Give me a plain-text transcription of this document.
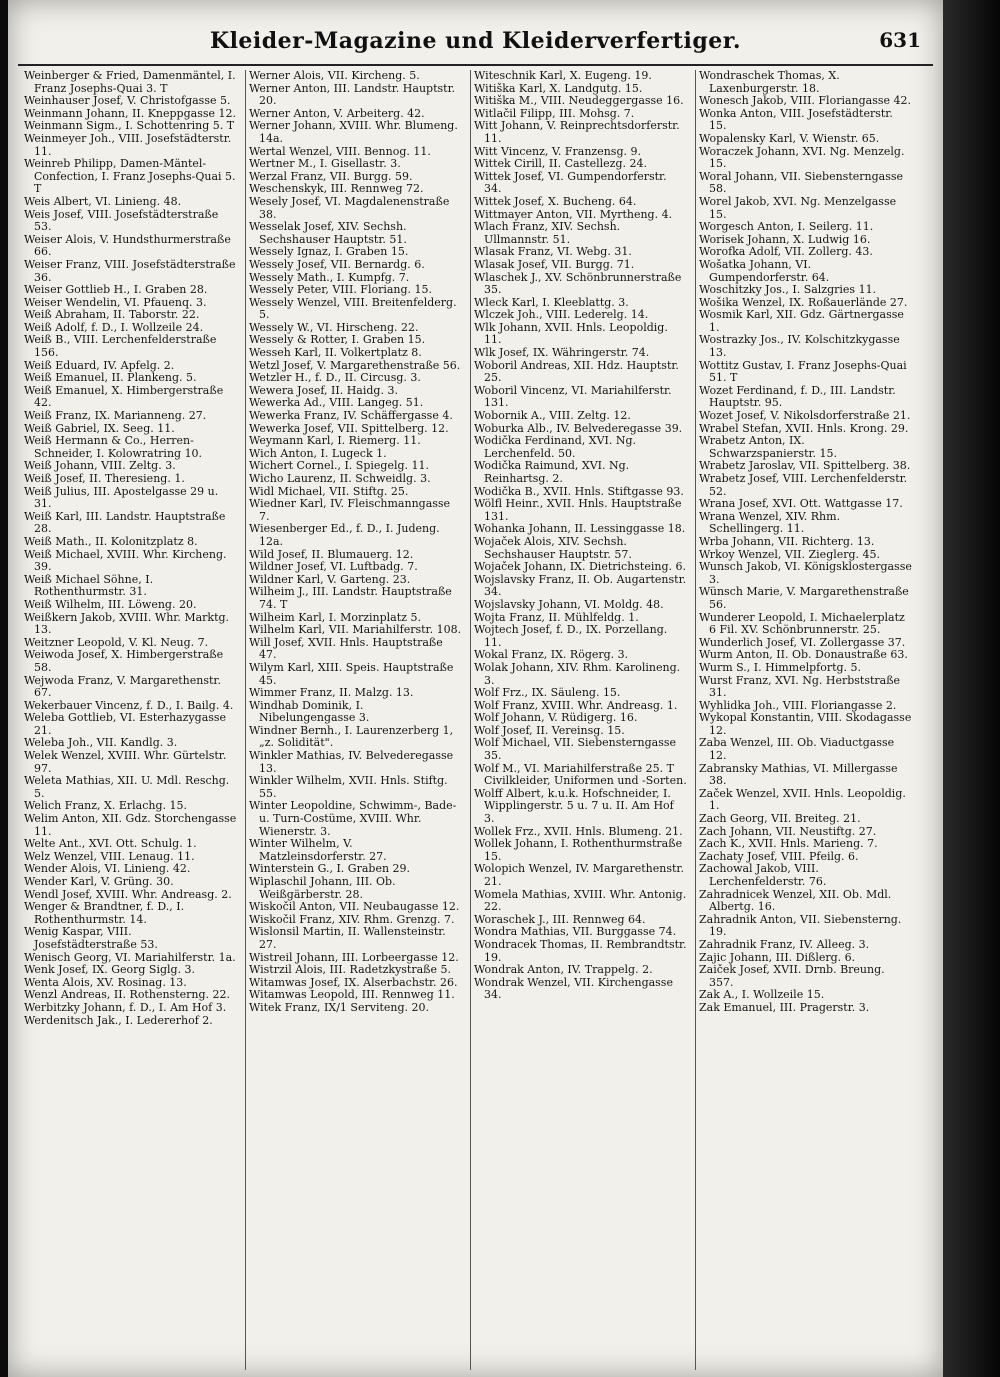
Kleider-Magazine und Kleiderverfertiger.	631

Weinberger & Fried, Damenmäntel, I. Franz Josephs-Quai 3. T

Weinhauser Josef, V. Christofgasse 5.

Weinmann Johann, II. Kneppgasse 12.

Weinmann Sigm., I. Schottenring 5. T

Weinmeyer Joh., VIII. Josefstädterstr. 11.

Weinreb Philipp, Damen-Mäntel-Confection, I. Franz Josephs-Quai 5. T

Weis Albert, VI. Linieng. 48.

Weis Josef, VIII. Josefstädterstraße 53.

Weiser Alois, V. Hundsthurmerstraße 66.

Weiser Franz, VIII. Josefstädterstraße 36.

Weiser Gottlieb H., I. Graben 28.

Weiser Wendelin, VI. Pfauenq. 3.

Weiß Abraham, II. Taborstr. 22.

Weiß Adolf, f. D., I. Wollzeile 24.

Weiß B., VIII. Lerchenfelderstraße 156.

Weiß Eduard, IV. Apfelg. 2.

Weiß Emanuel, II. Plankeng. 5.

Weiß Emanuel, X. Himbergerstraße 42.

Weiß Franz, IX. Marianneng. 27.

Weiß Gabriel, IX. Seeg. 11.

Weiß Hermann & Co., Herren-Schneider, I. Kolowratring 10.

Weiß Johann, VIII. Zeltg. 3.

Weiß Josef, II. Theresieng. 1.

Weiß Julius, III. Apostelgasse 29 u. 31.

Weiß Karl, III. Landstr. Hauptstraße 28.

Weiß Math., II. Kolonitzplatz 8.

Weiß Michael, XVIII. Whr. Kircheng. 39.

Weiß Michael Söhne, I. Rothenthurmstr. 31.

Weiß Wilhelm, III. Löweng. 20.

Weißkern Jakob, XVIII. Whr. Marktg. 13.

Weitzner Leopold, V. Kl. Neug. 7.

Weiwoda Josef, X. Himbergerstraße 58.

Wejwoda Franz, V. Margarethenstr. 67.

Wekerbauer Vincenz, f. D., I. Bailg. 4.

Weleba Gottlieb, VI. Esterhazygasse 21.

Weleba Joh., VII. Kandlg. 3.

Welek Wenzel, XVIII. Whr. Gürtelstr. 97.

Weleta Mathias, XII. U. Mdl. Reschg. 5.

Welich Franz, X. Erlachg. 15.

Welim Anton, XII. Gdz. Storchengasse 11.

Welte Ant., XVI. Ott. Schulg. 1.

Welz Wenzel, VIII. Lenaug. 11.

Wender Alois, VI. Linieng. 42.

Wender Karl, V. Grüng. 30.

Wendl Josef, XVIII. Whr. Andreasg. 2.

Wenger & Brandtner, f. D., I. Rothenthurmstr. 14.

Wenig Kaspar, VIII. Josefstädterstraße 53.

Wenisch Georg, VI. Mariahilferstr. 1a.

Wenk Josef, IX. Georg Siglg. 3.

Wenta Alois, XV. Rosinag. 13.

Wenzl Andreas, II. Rothensterng. 22.

Werbitzky Johann, f. D., I. Am Hof 3.

Werdenitsch Jak., I. Ledererhof 2.

Werner Alois, VII. Kircheng. 5.

Werner Anton, III. Landstr. Hauptstr. 20.

Werner Anton, V. Arbeiterg. 42.

Werner Johann, XVIII. Whr. Blumeng. 14a.

Wertal Wenzel, VIII. Bennog. 11.

Wertner M., I. Gisellastr. 3.

Werzal Franz, VII. Burgg. 59.

Weschenskyk, III. Rennweg 72.

Wesely Josef, VI. Magdalenenstraße 38.

Wesselak Josef, XIV. Sechsh. Sechshauser Hauptstr. 51.

Wessely Ignaz, I. Graben 15.

Wessely Josef, VII. Bernardg. 6.

Wessely Math., I. Kumpfg. 7.

Wessely Peter, VIII. Floriang. 15.

Wessely Wenzel, VIII. Breitenfelderg. 5.

Wessely W., VI. Hirscheng. 22.

Wessely & Rotter, I. Graben 15.

Wesseh Karl, II. Volkertplatz 8.

Wetzl Josef, V. Margarethenstraße 56.

Wetzler H., f. D., II. Circusg. 3.

Wewera Josef, II. Haidg. 3.

Wewerka Ad., VIII. Langeg. 51.

Wewerka Franz, IV. Schäffergasse 4.

Wewerka Josef, VII. Spittelberg. 12.

Weymann Karl, I. Riemerg. 11.

Wich Anton, I. Lugeck 1.

Wichert Cornel., I. Spiegelg. 11.

Wicho Laurenz, II. Schweidlg. 3.

Widl Michael, VII. Stiftg. 25.

Wiedner Karl, IV. Fleischmanngasse 7.

Wiesenberger Ed., f. D., I. Judeng. 12a.

Wild Josef, II. Blumauerg. 12.

Wildner Josef, VI. Luftbadg. 7.

Wildner Karl, V. Garteng. 23.

Wilheim J., III. Landstr. Hauptstraße 74. T

Wilheim Karl, I. Morzinplatz 5.

Wilhelm Karl, VII. Mariahilferstr. 108.

Will Josef, XVII. Hnls. Hauptstraße 47.

Wilym Karl, XIII. Speis. Hauptstraße 45.

Wimmer Franz, II. Malzg. 13.

Windhab Dominik, I. Nibelungengasse 3.

Windner Bernh., I. Laurenzerberg 1, „z. Solidität".

Winkler Mathias, IV. Belvederegasse 13.

Winkler Wilhelm, XVII. Hnls. Stiftg. 55.

Winter Leopoldine, Schwimm-, Bade- u. Turn-Costüme, XVIII. Whr. Wienerstr. 3.

Winter Wilhelm, V. Matzleinsdorferstr. 27.

Winterstein G., I. Graben 29.

Wiplaschil Johann, III. Ob. Weißgärberstr. 28.

Wiskočil Anton, VII. Neubaugasse 12.

Wiskočil Franz, XIV. Rhm. Grenzg. 7.

Wislonsil Martin, II. Wallensteinstr. 27.

Wistreil Johann, III. Lorbeergasse 12.

Wistrzil Alois, III. Radetzkystraße 5.

Witamwas Josef, IX. Alserbachstr. 26.

Witamwas Leopold, III. Rennweg 11.

Witek Franz, IX/1 Serviteng. 20.

Witeschnik Karl, X. Eugeng. 19.

Witiška Karl, X. Landgutg. 15.

Witiška M., VIII. Neudeggergasse 16.

Witlačil Filipp, III. Mohsg. 7.

Witt Johann, V. Reinprechtsdorferstr. 11.

Witt Vincenz, V. Franzensg. 9.

Wittek Cirill, II. Castellezg. 24.

Wittek Josef, VI. Gumpendorferstr. 34.

Wittek Josef, X. Bucheng. 64.

Wittmayer Anton, VII. Myrtheng. 4.

Wlach Franz, XIV. Sechsh. Ullmannstr. 51.

Wlasak Franz, VI. Webg. 31.

Wlasak Josef, VII. Burgg. 71.

Wlaschek J., XV. Schönbrunnerstraße 35.

Wleck Karl, I. Kleeblattg. 3.

Wlczek Joh., VIII. Lederelg. 14.

Wlk Johann, XVII. Hnls. Leopoldig. 11.

Wlk Josef, IX. Währingerstr. 74.

Woboril Andreas, XII. Hdz. Hauptstr. 25.

Woboril Vincenz, VI. Mariahilferstr. 131.

Wobornik A., VIII. Zeltg. 12.

Woburka Alb., IV. Belvederegasse 39.

Wodička Ferdinand, XVI. Ng. Lerchenfeld. 50.

Wodička Raimund, XVI. Ng. Reinhartsg. 2.

Wodička B., XVII. Hnls. Stiftgasse 93.

Wölfl Heinr., XVII. Hnls. Hauptstraße 131.

Wohanka Johann, II. Lessinggasse 18.

Wojaček Alois, XIV. Sechsh. Sechshauser Hauptstr. 57.

Wojaček Johann, IX. Dietrichsteing. 6.

Wojslavsky Franz, II. Ob. Augartenstr. 34.

Wojslavsky Johann, VI. Moldg. 48.

Wojta Franz, II. Mühlfeldg. 1.

Wojtech Josef, f. D., IX. Porzellang. 11.

Wokal Franz, IX. Rögerg. 3.

Wolak Johann, XIV. Rhm. Karolineng. 3.

Wolf Frz., IX. Säuleng. 15.

Wolf Franz, XVIII. Whr. Andreasg. 1.

Wolf Johann, V. Rüdigerg. 16.

Wolf Josef, II. Vereinsg. 15.

Wolf Michael, VII. Siebensterngasse 35.

Wolf M., VI. Mariahilferstraße 25. T Civilkleider, Uniformen und -Sorten.

Wolff Albert, k.u.k. Hofschneider, I. Wipplingerstr. 5 u. 7 u. II. Am Hof 3.

Wollek Frz., XVII. Hnls. Blumeng. 21.

Wollek Johann, I. Rothenthurmstraße 15.

Wolopich Wenzel, IV. Margarethenstr. 21.

Womela Mathias, XVIII. Whr. Antonig. 22.

Woraschek J., III. Rennweg 64.

Wondra Mathias, VII. Burggasse 74.

Wondracek Thomas, II. Rembrandtstr. 19.

Wondrak Anton, IV. Trappelg. 2.

Wondrak Wenzel, VII. Kirchengasse 34.

Wondraschek Thomas, X. Laxenburgerstr. 18.

Wonesch Jakob, VIII. Floriangasse 42.

Wonka Anton, VIII. Josefstädterstr. 15.

Wopalensky Karl, V. Wienstr. 65.

Woraczek Johann, XVI. Ng. Menzelg. 15.

Woral Johann, VII. Siebensterngasse 58.

Worel Jakob, XVI. Ng. Menzelgasse 15.

Worgesch Anton, I. Seilerg. 11.

Worisek Johann, X. Ludwig 16.

Worofka Adolf, VII. Zollerg. 43.

Wošatka Johann, VI. Gumpendorferstr. 64.

Woschitzky Jos., I. Salzgries 11.

Wošika Wenzel, IX. Roßauerlände 27.

Wosmik Karl, XII. Gdz. Gärtnergasse 1.

Wostrazky Jos., IV. Kolschitzkygasse 13.

Wottitz Gustav, I. Franz Josephs-Quai 51. T

Wozet Ferdinand, f. D., III. Landstr. Hauptstr. 95.

Wozet Josef, V. Nikolsdorferstraße 21.

Wrabel Stefan, XVII. Hnls. Krong. 29.

Wrabetz Anton, IX. Schwarzspanierstr. 15.

Wrabetz Jaroslav, VII. Spittelberg. 38.

Wrabetz Josef, VIII. Lerchenfelderstr. 52.

Wrana Josef, XVI. Ott. Wattgasse 17.

Wrana Wenzel, XIV. Rhm. Schellingerg. 11.

Wrba Johann, VII. Richterg. 13.

Wrkoy Wenzel, VII. Zieglerg. 45.

Wunsch Jakob, VI. Königsklostergasse 3.

Wünsch Marie, V. Margarethenstraße 56.

Wunderer Leopold, I. Michaelerplatz 6 Fil. XV. Schönbrunnerstr. 25.

Wunderlich Josef, VI. Zollergasse 37.

Wurm Anton, II. Ob. Donaustraße 63.

Wurm S., I. Himmelpfortg. 5.

Wurst Franz, XVI. Ng. Herbststraße 31.

Wyhlidka Joh., VIII. Floriangasse 2.

Wykopal Konstantin, VIII. Skodagasse 12.

Zaba Wenzel, III. Ob. Viaductgasse 12.

Zabransky Mathias, VI. Millergasse 38.

Začek Wenzel, XVII. Hnls. Leopoldig. 1.

Zach Georg, VII. Breiteg. 21.

Zach Johann, VII. Neustiftg. 27.

Zach K., XVII. Hnls. Marieng. 7.

Zachaty Josef, VIII. Pfeilg. 6.

Zachowal Jakob, VIII. Lerchenfelderstr. 76.

Zahradnicek Wenzel, XII. Ob. Mdl. Albertg. 16.

Zahradnik Anton, VII. Siebensterng. 19.

Zahradnik Franz, IV. Alleeg. 3.

Zajic Johann, III. Dißlerg. 6.

Zaiček Josef, XVII. Drnb. Breung. 357.

Zak A., I. Wollzeile 15.

Zak Emanuel, III. Pragerstr. 3.
